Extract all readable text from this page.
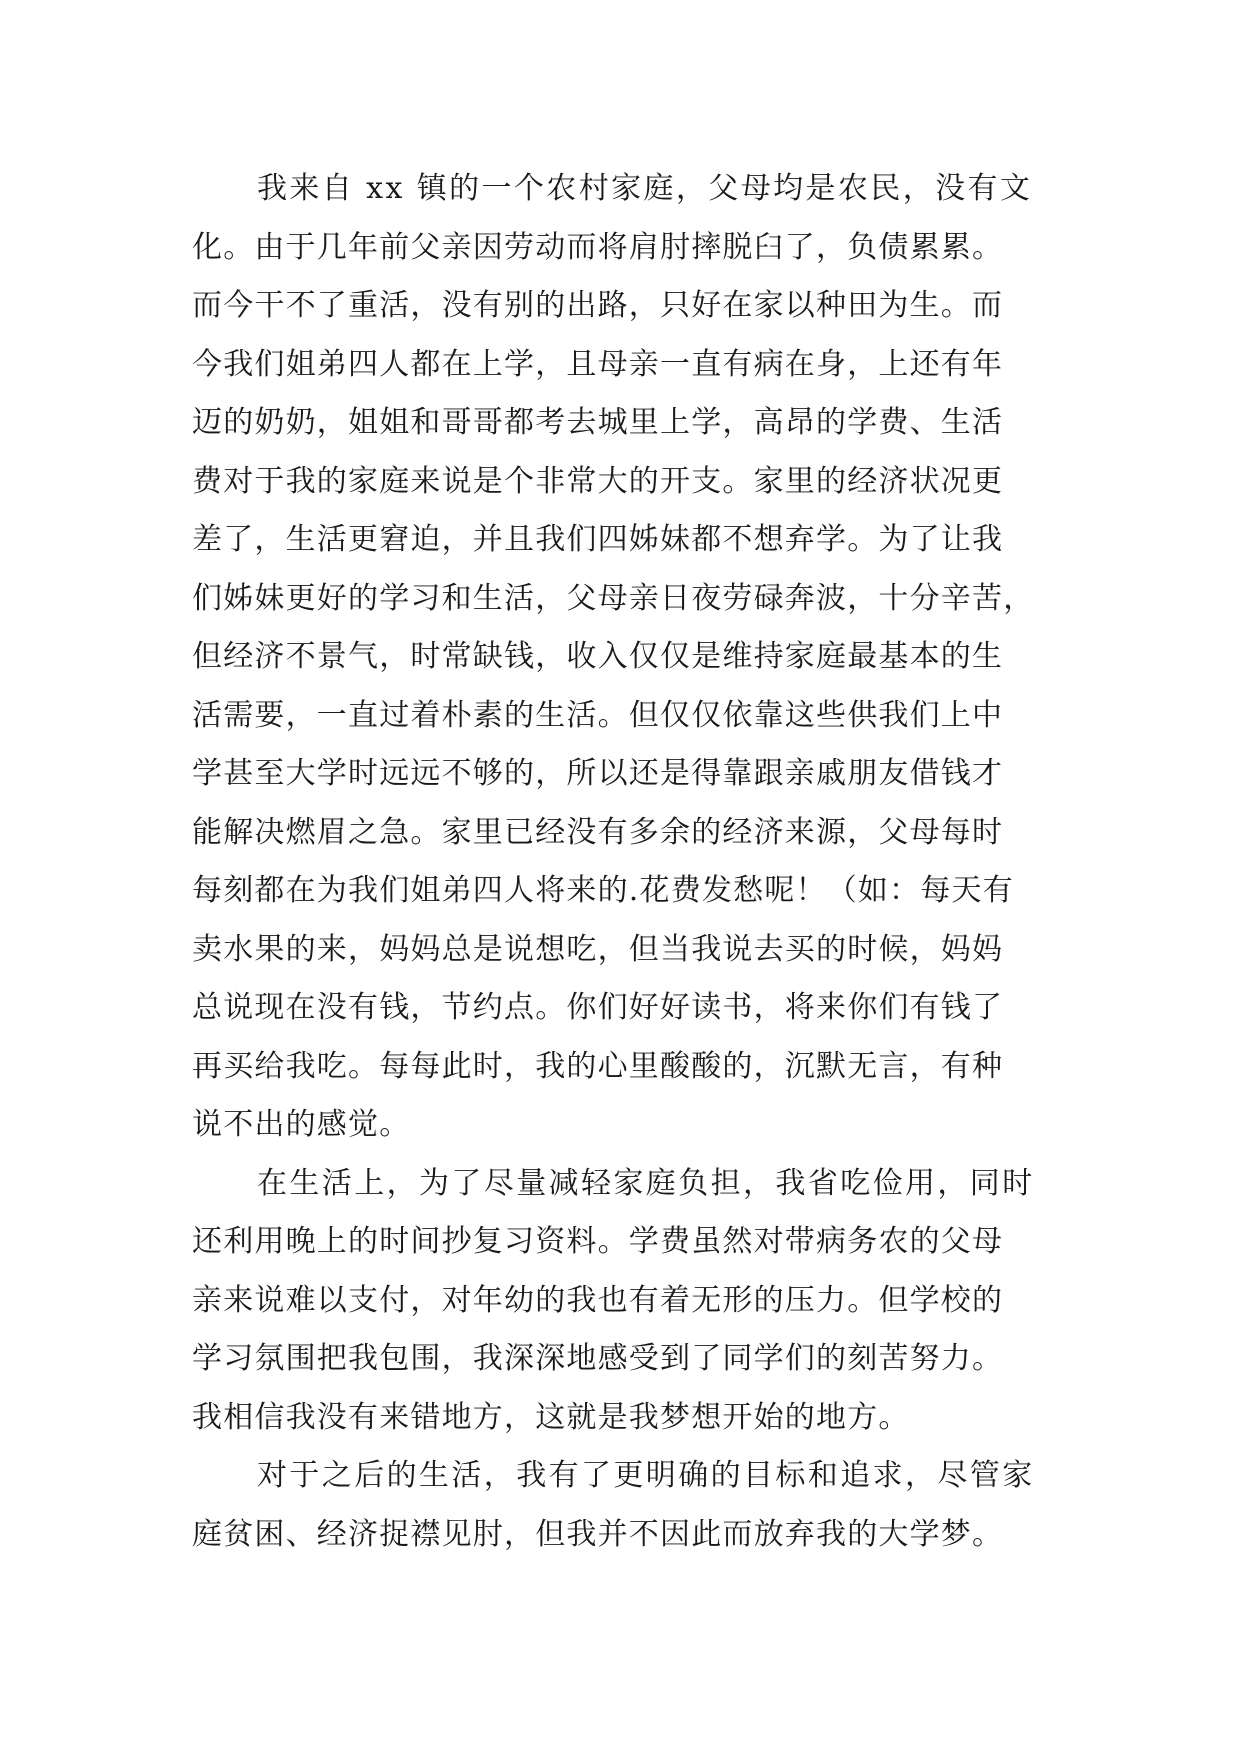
我来自 xx 镇的一个农村家庭，父母均是农民，没有文
化。由于几年前父亲因劳动而将肩肘摔脱臼了，负债累累。
而今干不了重活，没有别的出路，只好在家以种田为生。而
今我们姐弟四人都在上学，且母亲一直有病在身，上还有年
迈的奶奶，姐姐和哥哥都考去城里上学，高昂的学费、生活
费对于我的家庭来说是个非常大的开支。家里的经济状况更
差了，生活更窘迫，并且我们四姊妹都不想弃学。为了让我
们姊妹更好的学习和生活，父母亲日夜劳碌奔波，十分辛苦，
但经济不景气，时常缺钱，收入仅仅是维持家庭最基本的生
活需要，一直过着朴素的生活。但仅仅依靠这些供我们上中
学甚至大学时远远不够的，所以还是得靠跟亲戚朋友借钱才
能解决燃眉之急。家里已经没有多余的经济来源，父母每时
每刻都在为我们姐弟四人将来的.花费发愁呢！（如：每天有
卖水果的来，妈妈总是说想吃，但当我说去买的时候，妈妈
总说现在没有钱，节约点。你们好好读书，将来你们有钱了
再买给我吃。每每此时，我的心里酸酸的，沉默无言，有种
说不出的感觉。
在生活上，为了尽量减轻家庭负担，我省吃俭用，同时
还利用晚上的时间抄复习资料。学费虽然对带病务农的父母
亲来说难以支付，对年幼的我也有着无形的压力。但学校的
学习氛围把我包围，我深深地感受到了同学们的刻苦努力。
我相信我没有来错地方，这就是我梦想开始的地方。
对于之后的生活，我有了更明确的目标和追求，尽管家
庭贫困、经济捉襟见肘，但我并不因此而放弃我的大学梦。
